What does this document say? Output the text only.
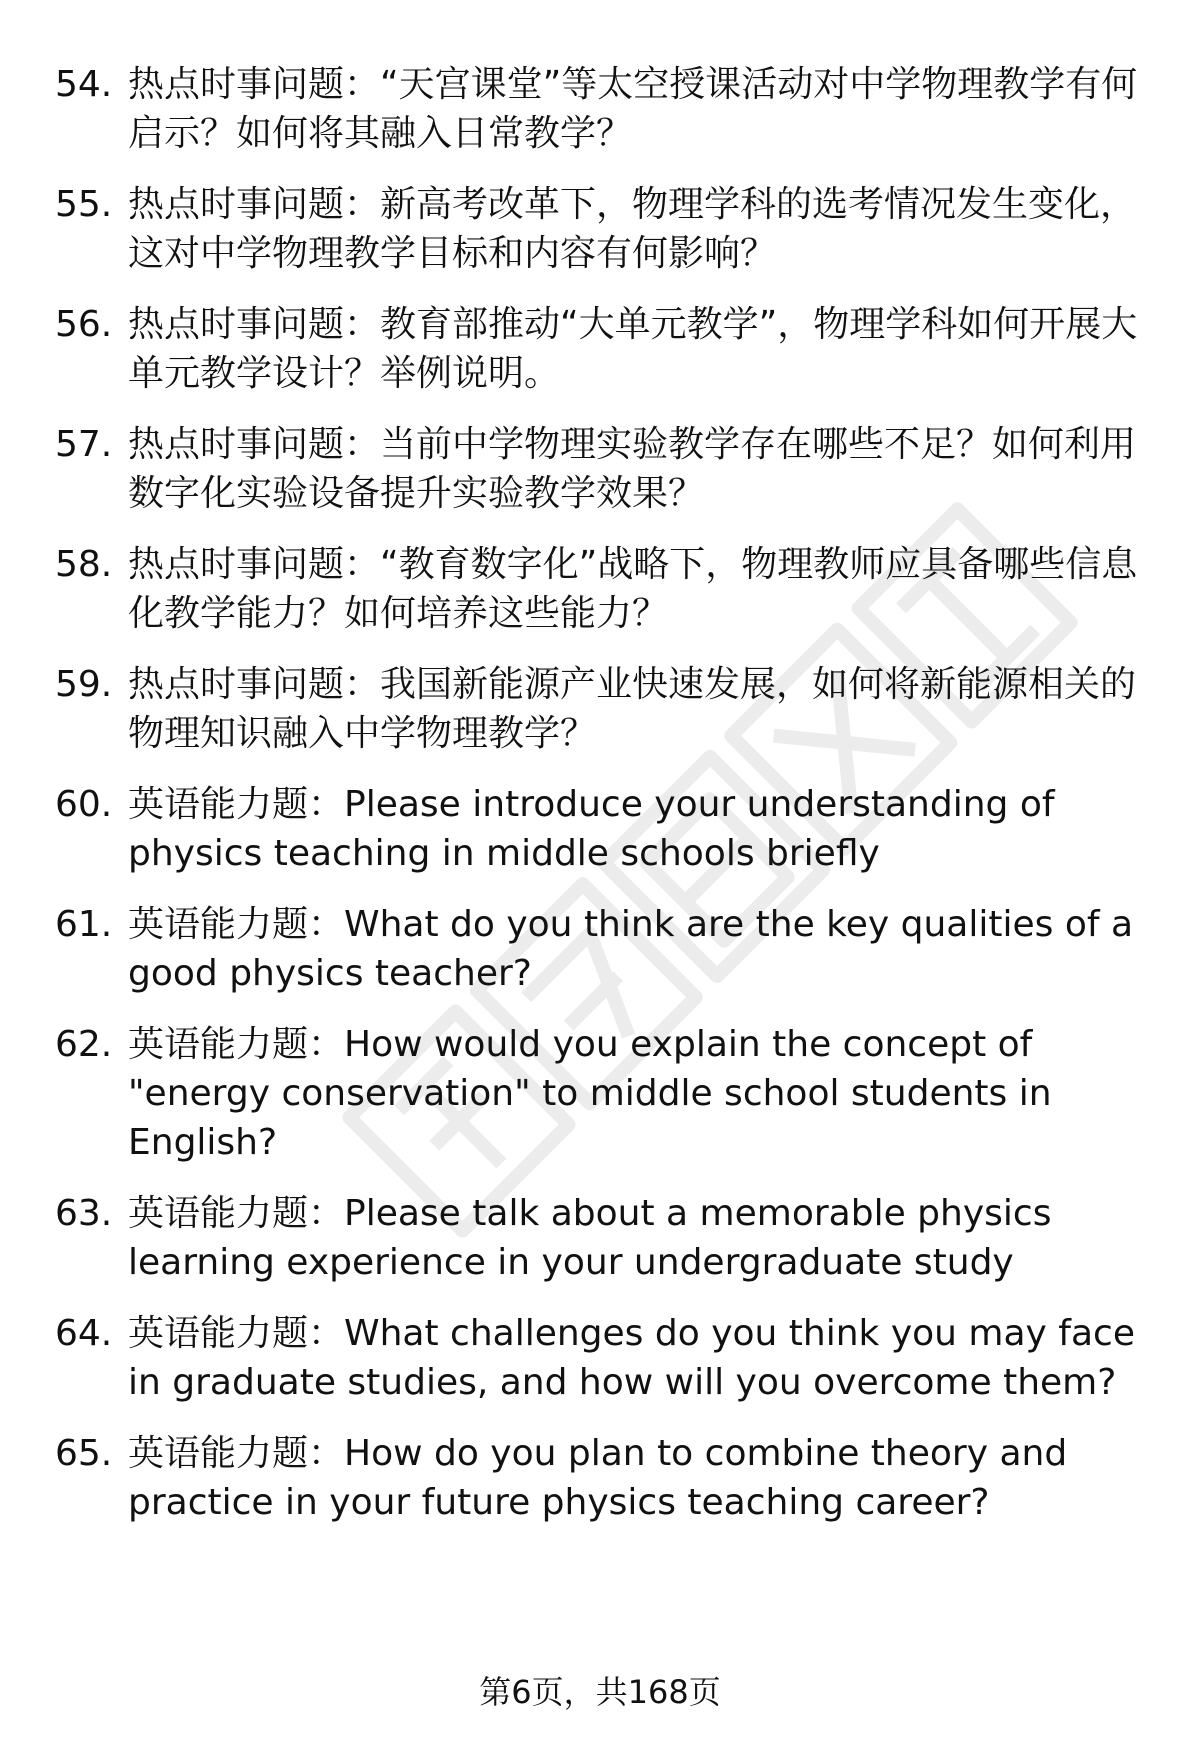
54. 热点时事问题：“天宫课堂”等太空授课活动对中学物理教学有何启示？如何将其融入日常教学？
55. 热点时事问题：新高考改革下，物理学科的选考情况发生变化，这对中学物理教学目标和内容有何影响？
56. 热点时事问题：教育部推动“大单元教学”，物理学科如何开展大单元教学设计？举例说明。
57. 热点时事问题：当前中学物理实验教学存在哪些不足？如何利用数字化实验设备提升实验教学效果？
58. 热点时事问题：“教育数字化”战略下，物理教师应具备哪些信息化教学能力？如何培养这些能力？
59. 热点时事问题：我国新能源产业快速发展，如何将新能源相关的物理知识融入中学物理教学？
60. 英语能力题：Please introduce your understanding of physics teaching in middle schools briefly
61. 英语能力题：What do you think are the key qualities of a good physics teacher?
62. 英语能力题：How would you explain the concept of "energy conservation" to middle school students in English?
63. 英语能力题：Please talk about a memorable physics learning experience in your undergraduate study
64. 英语能力题：What challenges do you think you may face in graduate studies, and how will you overcome them?
65. 英语能力题：How do you plan to combine theory and practice in your future physics teaching career?
第6页，共168页
